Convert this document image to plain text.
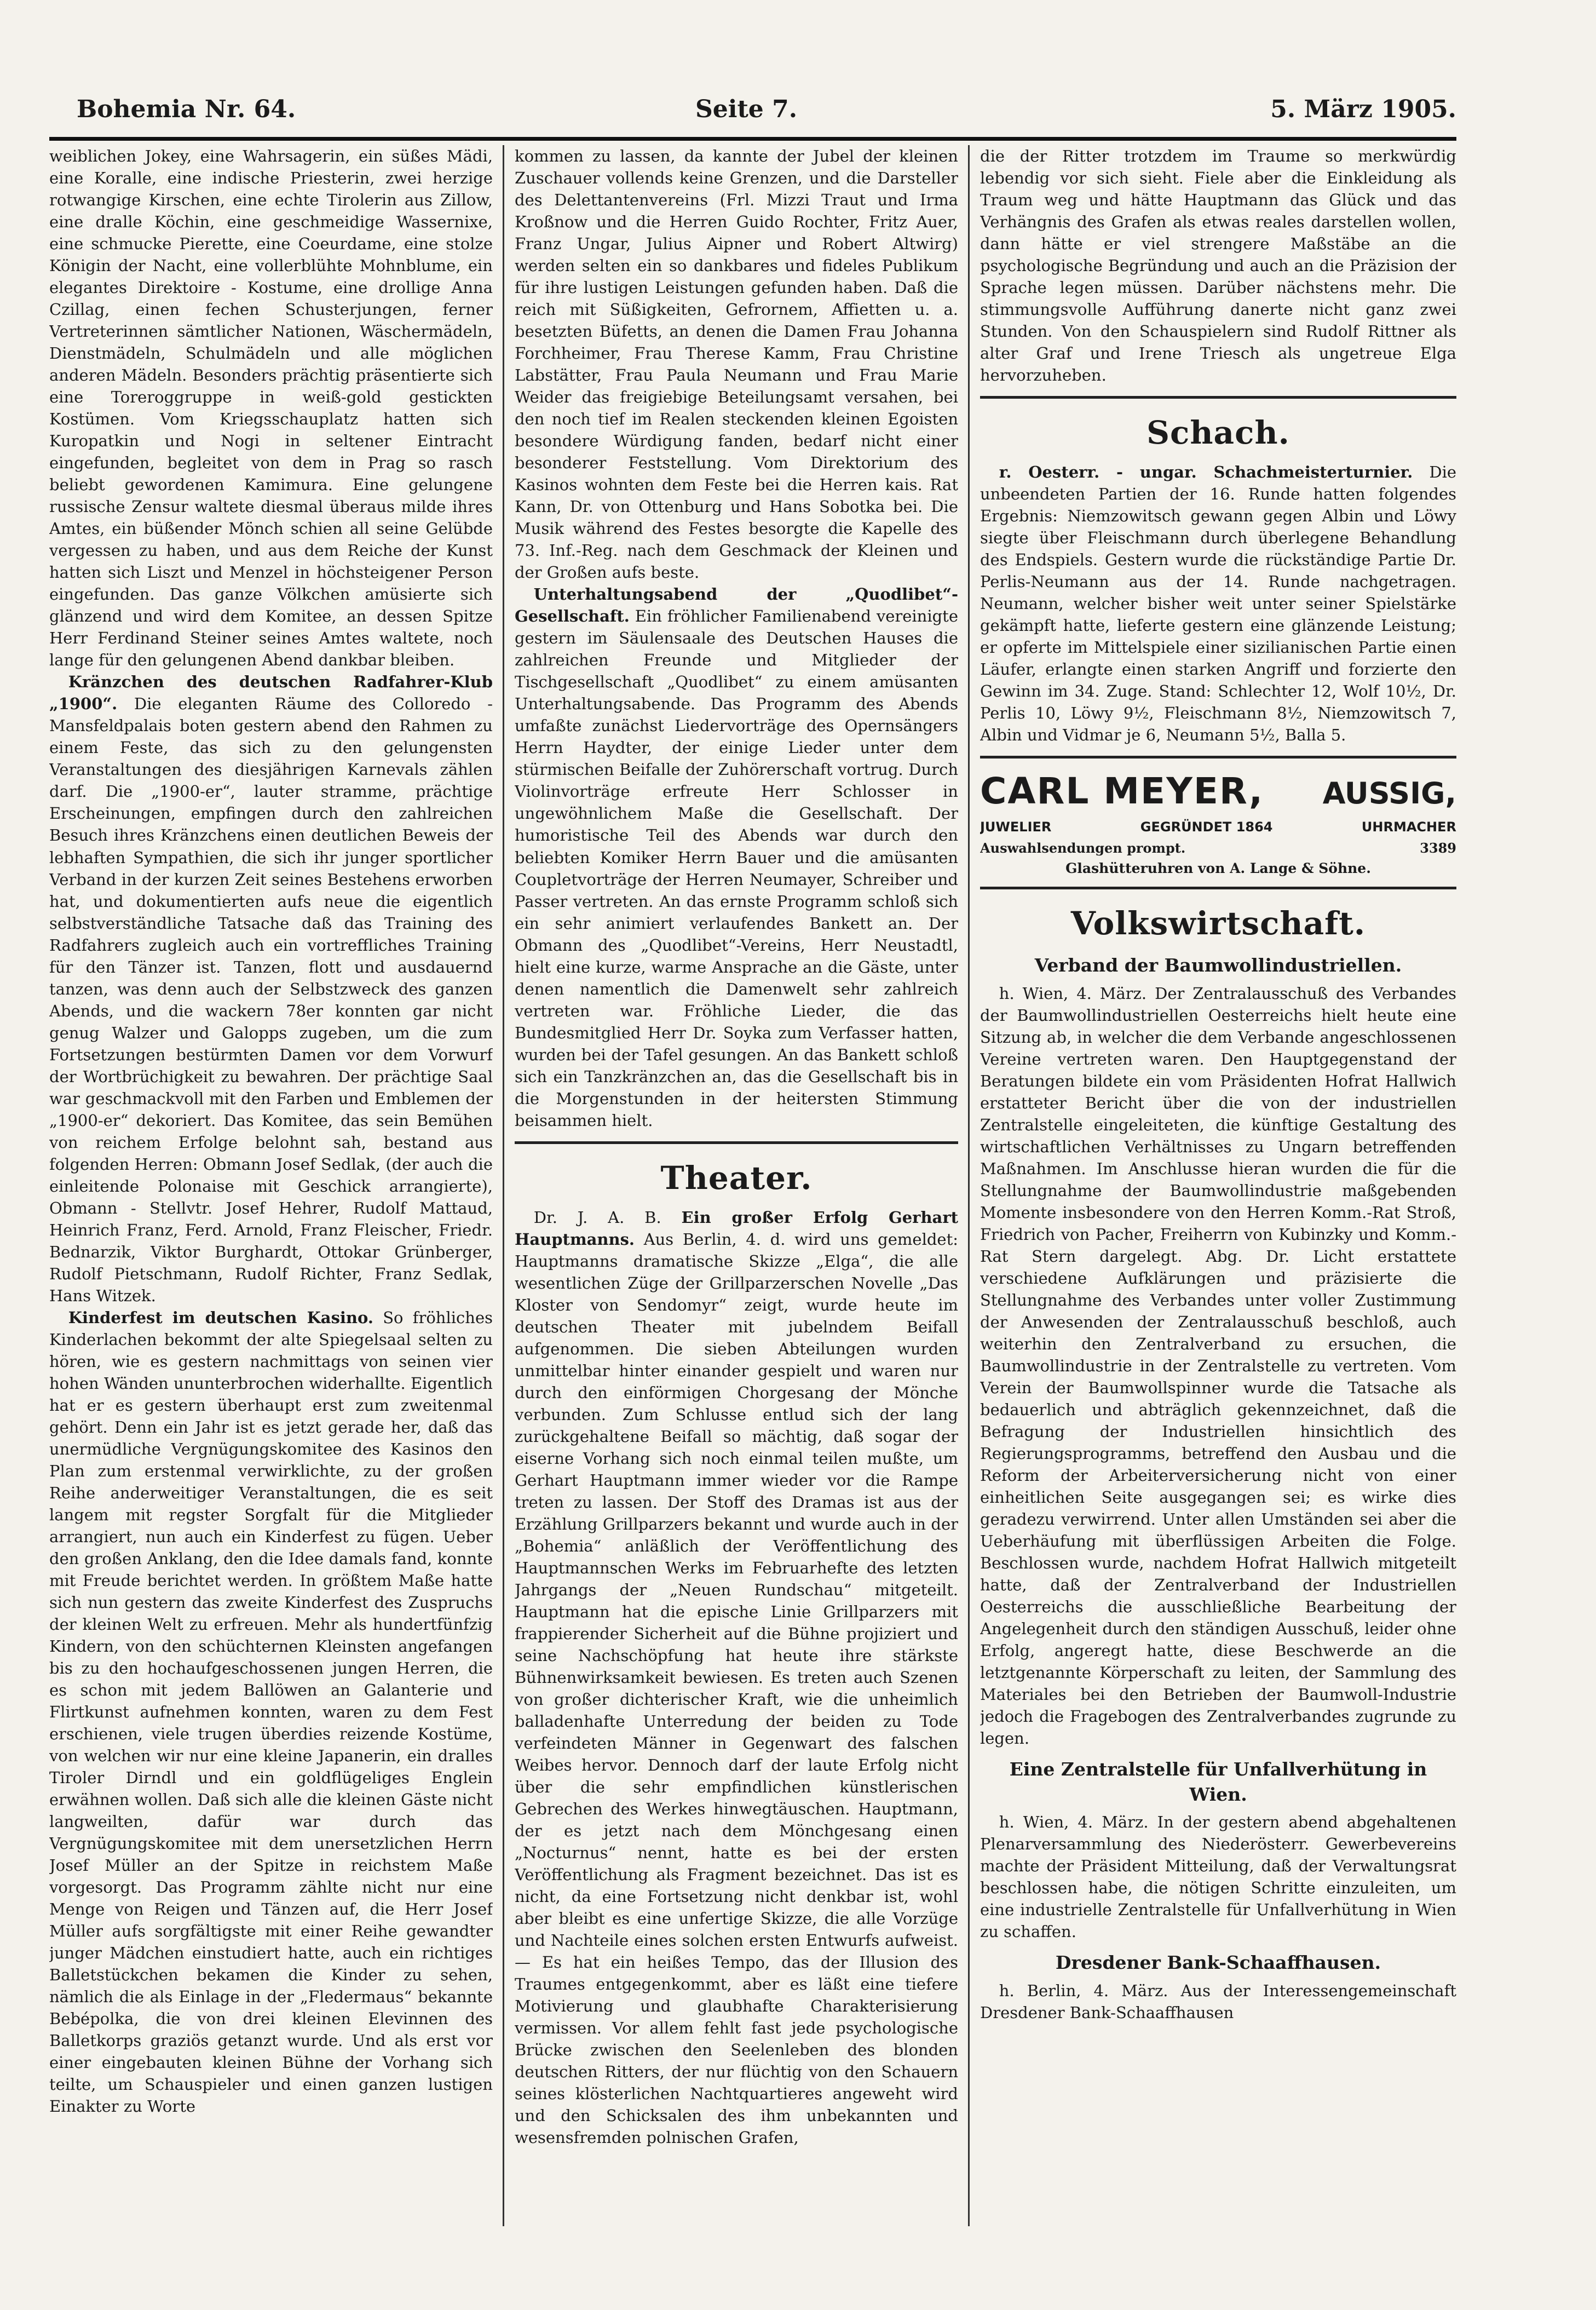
Bohemia Nr. 64.	Seite 7.	5. März 1905.

weiblichen Jokey, eine Wahrsagerin, ein süßes Mädi, eine Koralle, eine indische Priesterin, zwei herzige rotwangige Kirschen, eine echte Tirolerin aus Zillow, eine dralle Köchin, eine geschmeidige Wassernixe, eine schmucke Pierette, eine Coeurdame, eine stolze Königin der Nacht, eine vollerblühte Mohnblume, ein elegantes Direktoire - Kostume, eine drollige Anna Czillag, einen fechen Schusterjungen, ferner Vertreterinnen sämtlicher Nationen, Wäschermädeln, Dienstmädeln, Schulmädeln und alle möglichen anderen Mädeln. Besonders prächtig präsentierte sich eine Toreroggruppe in weiß-gold gestickten Kostümen. Vom Kriegsschauplatz hatten sich Kuropatkin und Nogi in seltener Eintracht eingefunden, begleitet von dem in Prag so rasch beliebt gewordenen Kamimura. Eine gelungene russische Zensur waltete diesmal überaus milde ihres Amtes, ein büßender Mönch schien all seine Gelübde vergessen zu haben, und aus dem Reiche der Kunst hatten sich Liszt und Menzel in höchsteigener Person eingefunden. Das ganze Völkchen amüsierte sich glänzend und wird dem Komitee, an dessen Spitze Herr Ferdinand Steiner seines Amtes waltete, noch lange für den gelungenen Abend dankbar bleiben.

Kränzchen des deutschen Radfahrer-Klub „1900“. Die eleganten Räume des Colloredo - Mansfeldpalais boten gestern abend den Rahmen zu einem Feste, das sich zu den gelungensten Veranstaltungen des diesjährigen Karnevals zählen darf. Die „1900-er“, lauter stramme, prächtige Erscheinungen, empfingen durch den zahlreichen Besuch ihres Kränzchens einen deutlichen Beweis der lebhaften Sympathien, die sich ihr junger sportlicher Verband in der kurzen Zeit seines Bestehens erworben hat, und dokumentierten aufs neue die eigentlich selbstverständliche Tatsache daß das Training des Radfahrers zugleich auch ein vortreffliches Training für den Tänzer ist. Tanzen, flott und ausdauernd tanzen, was denn auch der Selbstzweck des ganzen Abends, und die wackern 78er konnten gar nicht genug Walzer und Galopps zugeben, um die zum Fortsetzungen bestürmten Damen vor dem Vorwurf der Wortbrüchigkeit zu bewahren. Der prächtige Saal war geschmackvoll mit den Farben und Emblemen der „1900-er“ dekoriert. Das Komitee, das sein Bemühen von reichem Erfolge belohnt sah, bestand aus folgenden Herren: Obmann Josef Sedlak, (der auch die einleitende Polonaise mit Geschick arrangierte), Obmann - Stellvtr. Josef Hehrer, Rudolf Mattaud, Heinrich Franz, Ferd. Arnold, Franz Fleischer, Friedr. Bednarzik, Viktor Burghardt, Ottokar Grünberger, Rudolf Pietschmann, Rudolf Richter, Franz Sedlak, Hans Witzek.

Kinderfest im deutschen Kasino. So fröhliches Kinderlachen bekommt der alte Spiegelsaal selten zu hören, wie es gestern nachmittags von seinen vier hohen Wänden ununterbrochen widerhallte. Eigentlich hat er es gestern überhaupt erst zum zweitenmal gehört. Denn ein Jahr ist es jetzt gerade her, daß das unermüdliche Vergnügungskomitee des Kasinos den Plan zum erstenmal verwirklichte, zu der großen Reihe anderweitiger Veranstaltungen, die es seit langem mit regster Sorgfalt für die Mitglieder arrangiert, nun auch ein Kinderfest zu fügen. Ueber den großen Anklang, den die Idee damals fand, konnte mit Freude berichtet werden. In größtem Maße hatte sich nun gestern das zweite Kinderfest des Zuspruchs der kleinen Welt zu erfreuen. Mehr als hundertfünfzig Kindern, von den schüchternen Kleinsten angefangen bis zu den hochaufgeschossenen jungen Herren, die es schon mit jedem Ballöwen an Galanterie und Flirtkunst aufnehmen konnten, waren zu dem Fest erschienen, viele trugen überdies reizende Kostüme, von welchen wir nur eine kleine Japanerin, ein dralles Tiroler Dirndl und ein goldflügeliges Englein erwähnen wollen. Daß sich alle die kleinen Gäste nicht langweilten, dafür war durch das Vergnügungskomitee mit dem unersetzlichen Herrn Josef Müller an der Spitze in reichstem Maße vorgesorgt. Das Programm zählte nicht nur eine Menge von Reigen und Tänzen auf, die Herr Josef Müller aufs sorgfältigste mit einer Reihe gewandter junger Mädchen einstudiert hatte, auch ein richtiges Balletstückchen bekamen die Kinder zu sehen, nämlich die als Einlage in der „Fledermaus“ bekannte Bebépolka, die von drei kleinen Elevinnen des Balletkorps graziös getanzt wurde. Und als erst vor einer eingebauten kleinen Bühne der Vorhang sich teilte, um Schauspieler und einen ganzen lustigen Einakter zu Worte

kommen zu lassen, da kannte der Jubel der kleinen Zuschauer vollends keine Grenzen, und die Darsteller des Delettantenvereins (Frl. Mizzi Traut und Irma Kroßnow und die Herren Guido Rochter, Fritz Auer, Franz Ungar, Julius Aipner und Robert Altwirg) werden selten ein so dankbares und fideles Publikum für ihre lustigen Leistungen gefunden haben. Daß die reich mit Süßigkeiten, Gefrornem, Affietten u. a. besetzten Büfetts, an denen die Damen Frau Johanna Forchheimer, Frau Therese Kamm, Frau Christine Labstätter, Frau Paula Neumann und Frau Marie Weider das freigiebige Beteilungsamt versahen, bei den noch tief im Realen steckenden kleinen Egoisten besondere Würdigung fanden, bedarf nicht einer besonderer Feststellung. Vom Direktorium des Kasinos wohnten dem Feste bei die Herren kais. Rat Kann, Dr. von Ottenburg und Hans Sobotka bei. Die Musik während des Festes besorgte die Kapelle des 73. Inf.-Reg. nach dem Geschmack der Kleinen und der Großen aufs beste.

Unterhaltungsabend der „Quodlibet“-Gesellschaft. Ein fröhlicher Familienabend vereinigte gestern im Säulensaale des Deutschen Hauses die zahlreichen Freunde und Mitglieder der Tischgesellschaft „Quodlibet“ zu einem amüsanten Unterhaltungsabende. Das Programm des Abends umfaßte zunächst Liedervorträge des Opernsängers Herrn Haydter, der einige Lieder unter dem stürmischen Beifalle der Zuhörerschaft vortrug. Durch Violinvorträge erfreute Herr Schlosser in ungewöhnlichem Maße die Gesellschaft. Der humoristische Teil des Abends war durch den beliebten Komiker Herrn Bauer und die amüsanten Coupletvorträge der Herren Neumayer, Schreiber und Passer vertreten. An das ernste Programm schloß sich ein sehr animiert verlaufendes Bankett an. Der Obmann des „Quodlibet“-Vereins, Herr Neustadtl, hielt eine kurze, warme Ansprache an die Gäste, unter denen namentlich die Damenwelt sehr zahlreich vertreten war. Fröhliche Lieder, die das Bundesmitglied Herr Dr. Soyka zum Verfasser hatten, wurden bei der Tafel gesungen. An das Bankett schloß sich ein Tanzkränzchen an, das die Gesellschaft bis in die Morgenstunden in der heitersten Stimmung beisammen hielt.

Theater.

Dr. J. A. B. Ein großer Erfolg Gerhart Hauptmanns. Aus Berlin, 4. d. wird uns gemeldet: Hauptmanns dramatische Skizze „Elga“, die alle wesentlichen Züge der Grillparzerschen Novelle „Das Kloster von Sendomyr“ zeigt, wurde heute im deutschen Theater mit jubelndem Beifall aufgenommen. Die sieben Abteilungen wurden unmittelbar hinter einander gespielt und waren nur durch den einförmigen Chorgesang der Mönche verbunden. Zum Schlusse entlud sich der lang zurückgehaltene Beifall so mächtig, daß sogar der eiserne Vorhang sich noch einmal teilen mußte, um Gerhart Hauptmann immer wieder vor die Rampe treten zu lassen. Der Stoff des Dramas ist aus der Erzählung Grillparzers bekannt und wurde auch in der „Bohemia“ anläßlich der Veröffentlichung des Hauptmannschen Werks im Februarhefte des letzten Jahrgangs der „Neuen Rundschau“ mitgeteilt. Hauptmann hat die epische Linie Grillparzers mit frappierender Sicherheit auf die Bühne projiziert und seine Nachschöpfung hat heute ihre stärkste Bühnenwirksamkeit bewiesen. Es treten auch Szenen von großer dichterischer Kraft, wie die unheimlich balladenhafte Unterredung der beiden zu Tode verfeindeten Männer in Gegenwart des falschen Weibes hervor. Dennoch darf der laute Erfolg nicht über die sehr empfindlichen künstlerischen Gebrechen des Werkes hinwegtäuschen. Hauptmann, der es jetzt nach dem Mönchgesang einen „Nocturnus“ nennt, hatte es bei der ersten Veröffentlichung als Fragment bezeichnet. Das ist es nicht, da eine Fortsetzung nicht denkbar ist, wohl aber bleibt es eine unfertige Skizze, die alle Vorzüge und Nachteile eines solchen ersten Entwurfs aufweist. — Es hat ein heißes Tempo, das der Illusion des Traumes entgegenkommt, aber es läßt eine tiefere Motivierung und glaubhafte Charakterisierung vermissen. Vor allem fehlt fast jede psychologische Brücke zwischen den Seelenleben des blonden deutschen Ritters, der nur flüchtig von den Schauern seines klösterlichen Nachtquartieres angeweht wird und den Schicksalen des ihm unbekannten und wesensfremden polnischen Grafen,

die der Ritter trotzdem im Traume so merkwürdig lebendig vor sich sieht. Fiele aber die Einkleidung als Traum weg und hätte Hauptmann das Glück und das Verhängnis des Grafen als etwas reales darstellen wollen, dann hätte er viel strengere Maßstäbe an die psychologische Begründung und auch an die Präzision der Sprache legen müssen. Darüber nächstens mehr. Die stimmungsvolle Aufführung danerte nicht ganz zwei Stunden. Von den Schauspielern sind Rudolf Rittner als alter Graf und Irene Triesch als ungetreue Elga hervorzuheben.

Schach.

r. Oesterr. - ungar. Schachmeisterturnier. Die unbeendeten Partien der 16. Runde hatten folgendes Ergebnis: Niemzowitsch gewann gegen Albin und Löwy siegte über Fleischmann durch überlegene Behandlung des Endspiels. Gestern wurde die rückständige Partie Dr. Perlis-Neumann aus der 14. Runde nachgetragen. Neumann, welcher bisher weit unter seiner Spielstärke gekämpft hatte, lieferte gestern eine glänzende Leistung; er opferte im Mittelspiele einer sizilianischen Partie einen Läufer, erlangte einen starken Angriff und forzierte den Gewinn im 34. Zuge. Stand: Schlechter 12, Wolf 10½, Dr. Perlis 10, Löwy 9½, Fleischmann 8½, Niemzowitsch 7, Albin und Vidmar je 6, Neumann 5½, Balla 5.

CARL MEYER, AUSSIG,
JUWELIER	GEGRÜNDET 1864	UHRMACHER
Auswahlsendungen prompt.	3389
Glashütteruhren von A. Lange & Söhne.
Volkswirtschaft.
Verband der Baumwollindustriellen.

h. Wien, 4. März. Der Zentralausschuß des Verbandes der Baumwollindustriellen Oesterreichs hielt heute eine Sitzung ab, in welcher die dem Verbande angeschlossenen Vereine vertreten waren. Den Hauptgegenstand der Beratungen bildete ein vom Präsidenten Hofrat Hallwich erstatteter Bericht über die von der industriellen Zentralstelle eingeleiteten, die künftige Gestaltung des wirtschaftlichen Verhältnisses zu Ungarn betreffenden Maßnahmen. Im Anschlusse hieran wurden die für die Stellungnahme der Baumwollindustrie maßgebenden Momente insbesondere von den Herren Komm.-Rat Stroß, Friedrich von Pacher, Freiherrn von Kubinzky und Komm.-Rat Stern dargelegt. Abg. Dr. Licht erstattete verschiedene Aufklärungen und präzisierte die Stellungnahme des Verbandes unter voller Zustimmung der Anwesenden der Zentralausschuß beschloß, auch weiterhin den Zentralverband zu ersuchen, die Baumwollindustrie in der Zentralstelle zu vertreten. Vom Verein der Baumwollspinner wurde die Tatsache als bedauerlich und abträglich gekennzeichnet, daß die Befragung der Industriellen hinsichtlich des Regierungsprogramms, betreffend den Ausbau und die Reform der Arbeiterversicherung nicht von einer einheitlichen Seite ausgegangen sei; es wirke dies geradezu verwirrend. Unter allen Umständen sei aber die Ueberhäufung mit überflüssigen Arbeiten die Folge. Beschlossen wurde, nachdem Hofrat Hallwich mitgeteilt hatte, daß der Zentralverband der Industriellen Oesterreichs die ausschließliche Bearbeitung der Angelegenheit durch den ständigen Ausschuß, leider ohne Erfolg, angeregt hatte, diese Beschwerde an die letztgenannte Körperschaft zu leiten, der Sammlung des Materiales bei den Betrieben der Baumwoll-Industrie jedoch die Fragebogen des Zentralverbandes zugrunde zu legen.

Eine Zentralstelle für Unfallverhütung in Wien.

h. Wien, 4. März. In der gestern abend abgehaltenen Plenarversammlung des Niederösterr. Gewerbevereins machte der Präsident Mitteilung, daß der Verwaltungsrat beschlossen habe, die nötigen Schritte einzuleiten, um eine industrielle Zentralstelle für Unfallverhütung in Wien zu schaffen.

Dresdener Bank-Schaaffhausen.

h. Berlin, 4. März. Aus der Interessengemeinschaft Dresdener Bank-Schaaffhausen
